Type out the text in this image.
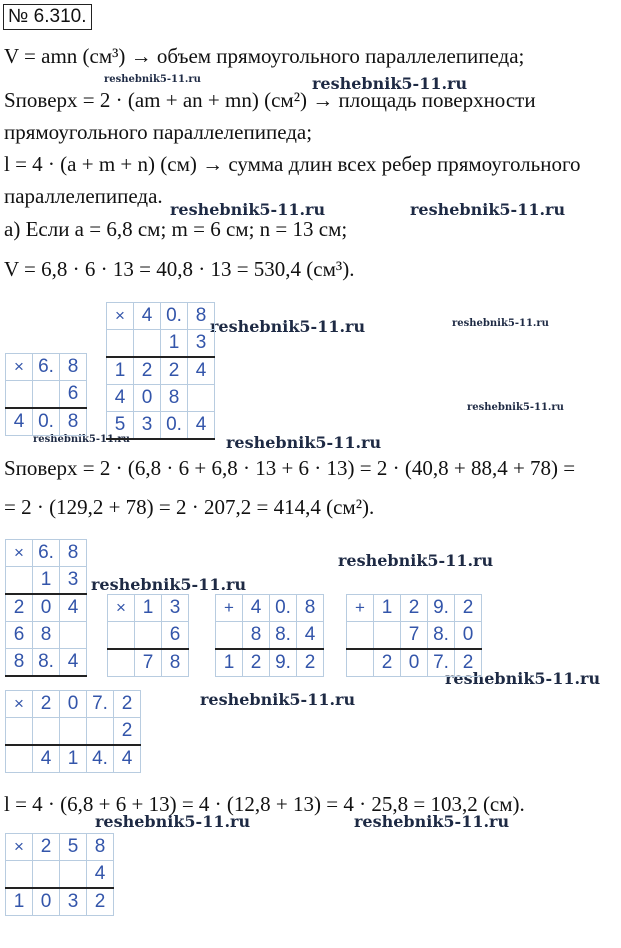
№ 6.310.
V = amn (см³) → объем прямоугольного параллелепипеда;
Sповерх = 2 · (am + an + mn) (см²) → площадь поверхности
прямоугольного параллелепипеда;
l = 4 · (a + m + n) (см) → сумма длин всех ребер прямоугольного
параллелепипеда.
а) Если a = 6,8 см; m = 6 см; n = 13 см;
V = 6,8 · 6 · 13 = 40,8 · 13 = 530,4 (см³).
Sповерх = 2 · (6,8 · 6 + 6,8 · 13 + 6 · 13) = 2 · (40,8 + 88,4 + 78) =
= 2 · (129,2 + 78) = 2 · 207,2 = 414,4 (см²).
l = 4 · (6,8 + 6 + 13) = 4 · (12,8 + 13) = 4 · 25,8 = 103,2 (см).
reshebnik5-11.ru	reshebnik5-11.ru
reshebnik5-11.ru	reshebnik5-11.ru
reshebnik5-11.ru	reshebnik5-11.ru
reshebnik5-11.ru
reshebnik5-11.ru	reshebnik5-11.ru
reshebnik5-11.ru
reshebnik5-11.ru
reshebnik5-11.ru
reshebnik5-11.ru
reshebnik5-11.ru	reshebnik5-11.ru
×	4	0.	8
		1	3
1	2	2	4
4	0	8	
5	3	0.	4
×	6.	8
		6
4	0.	8
×	6.	8
	1	3
2	0	4
6	8	
8	8.	4
×	1	3
		6
	7	8
+	4	0.	8
	8	8.	4
1	2	9.	2
+	1	2	9.	2
		7	8.	0
	2	0	7.	2
×	2	0	7.	2
				2
	4	1	4.	4
×	2	5	8
			4
1	0	3	2
